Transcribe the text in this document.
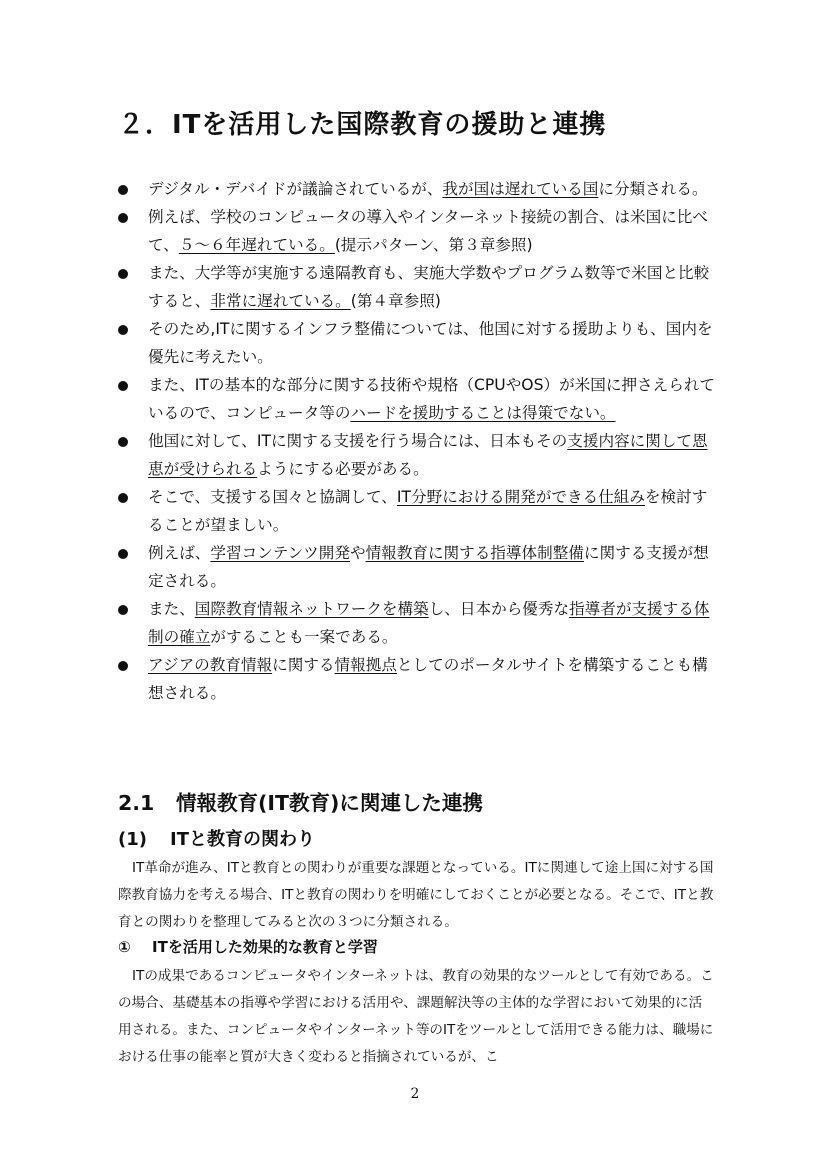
２．ITを活用した国際教育の援助と連携
デジタル・デバイドが議論されているが、我が国は遅れている国に分類される。
例えば、学校のコンピュータの導入やインターネット接続の割合、は米国に比べて、５～６年遅れている。(提示パターン、第３章参照)
また、大学等が実施する遠隔教育も、実施大学数やプログラム数等で米国と比較すると、非常に遅れている。(第４章参照)
そのため,ITに関するインフラ整備については、他国に対する援助よりも、国内を優先に考えたい。
また、ITの基本的な部分に関する技術や規格（CPUやOS）が米国に押さえられているので、コンピュータ等のハードを援助することは得策でない。
他国に対して、ITに関する支援を行う場合には、日本もその支援内容に関して恩恵が受けられるようにする必要がある。
そこで、支援する国々と協調して、IT分野における開発ができる仕組みを検討することが望ましい。
例えば、学習コンテンツ開発や情報教育に関する指導体制整備に関する支援が想定される。
また、国際教育情報ネットワークを構築し、日本から優秀な指導者が支援する体制の確立がすることも一案である。
アジアの教育情報に関する情報拠点としてのポータルサイトを構築することも構想される。
2.1 情報教育(IT教育)に関連した連携
(1) ITと教育の関わり
IT革命が進み、ITと教育との関わりが重要な課題となっている。ITに関連して途上国に対する国際教育協力を考える場合、ITと教育の関わりを明確にしておくことが必要となる。そこで、ITと教育との関わりを整理してみると次の３つに分類される。
① ITを活用した効果的な教育と学習
ITの成果であるコンピュータやインターネットは、教育の効果的なツールとして有効である。この場合、基礎基本の指導や学習における活用や、課題解決等の主体的な学習において効果的に活用される。また、コンピュータやインターネット等のITをツールとして活用できる能力は、職場における仕事の能率と質が大きく変わると指摘されているが、こ
2
